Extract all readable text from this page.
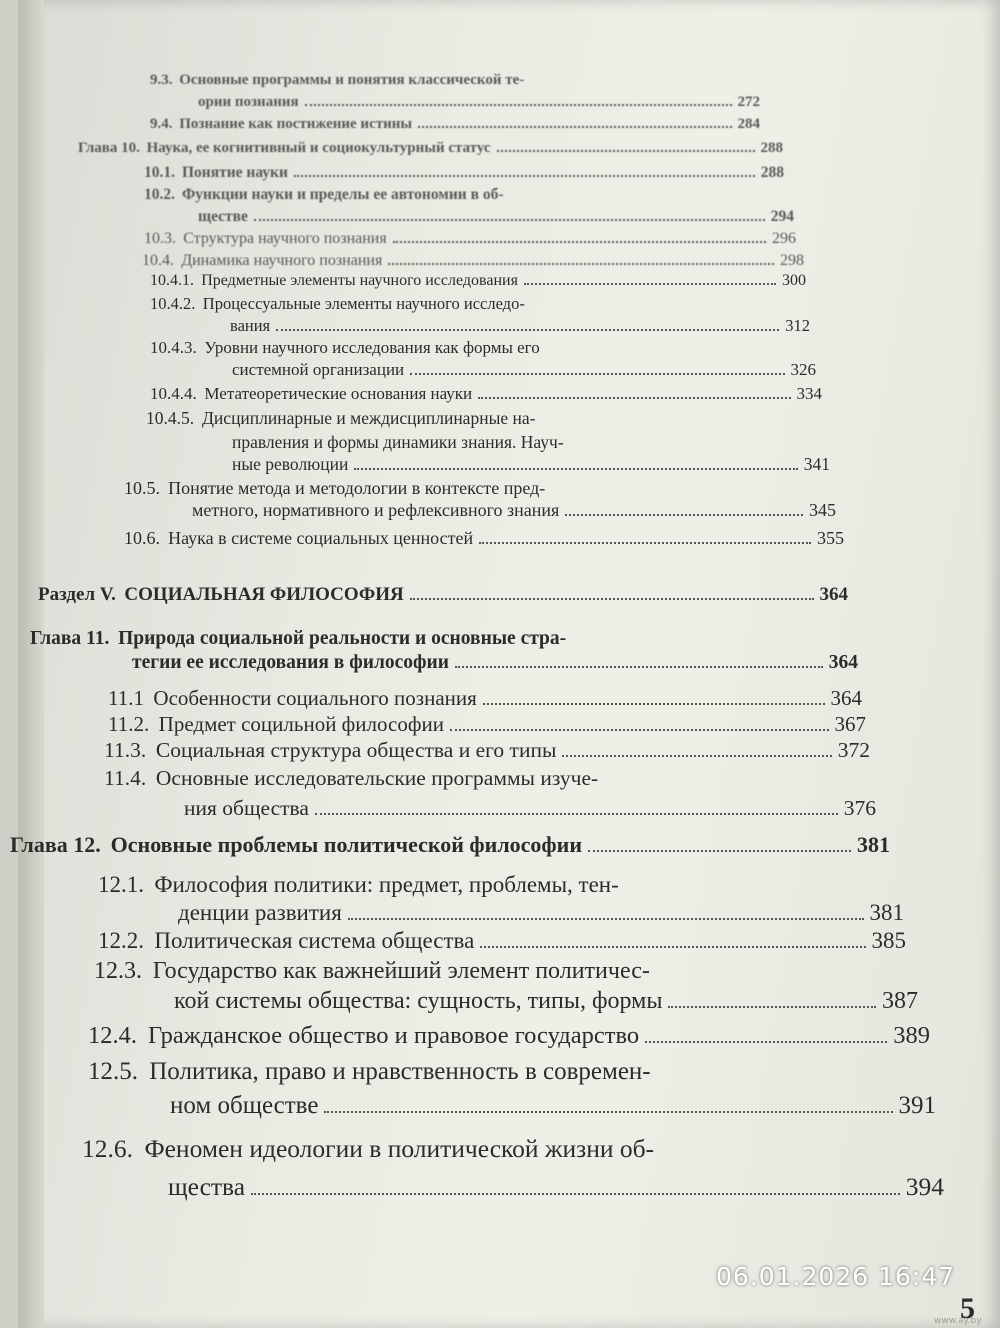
9.3. Основные программы и понятия классической те-
ории познания	272
9.4. Познание как постижение истины	284
Глава 10. Наука, ее когнитивный и социокультурный статус	288
10.1. Понятие науки	288
10.2. Функции науки и пределы ее автономии в об-
ществе	294
10.3. Структура научного познания	296
10.4. Динамика научного познания	298
10.4.1. Предметные элементы научного исследования	300
10.4.2. Процессуальные элементы научного исследо-
вания	312
10.4.3. Уровни научного исследования как формы его
системной организации	326
10.4.4. Метатеоретические основания науки	334
10.4.5. Дисциплинарные и междисциплинарные на-
правления и формы динамики знания. Науч-
ные революции	341
10.5. Понятие метода и методологии в контексте пред-
метного, нормативного и рефлексивного знания	345
10.6. Наука в системе социальных ценностей	355
Раздел V. СОЦИАЛЬНАЯ ФИЛОСОФИЯ	364
Глава 11. Природа социальной реальности и основные стра-
тегии ее исследования в философии	364
11.1 Особенности социального познания	364
11.2. Предмет социльной философии	367
11.3. Социальная структура общества и его типы	372
11.4. Основные исследовательские программы изуче-
ния общества	376
Глава 12. Основные проблемы политической философии	381
12.1. Философия политики: предмет, проблемы, тен-
денции развития	381
12.2. Политическая система общества	385
12.3. Государство как важнейший элемент политичес-
кой системы общества: сущность, типы, формы	387
12.4. Гражданское общество и правовое государство	389
12.5. Политика, право и нравственность в современ-
ном обществе	391
12.6. Феномен идеологии в политической жизни об-
щества	394
06.01.2026 16:47
5
www.ay.by
